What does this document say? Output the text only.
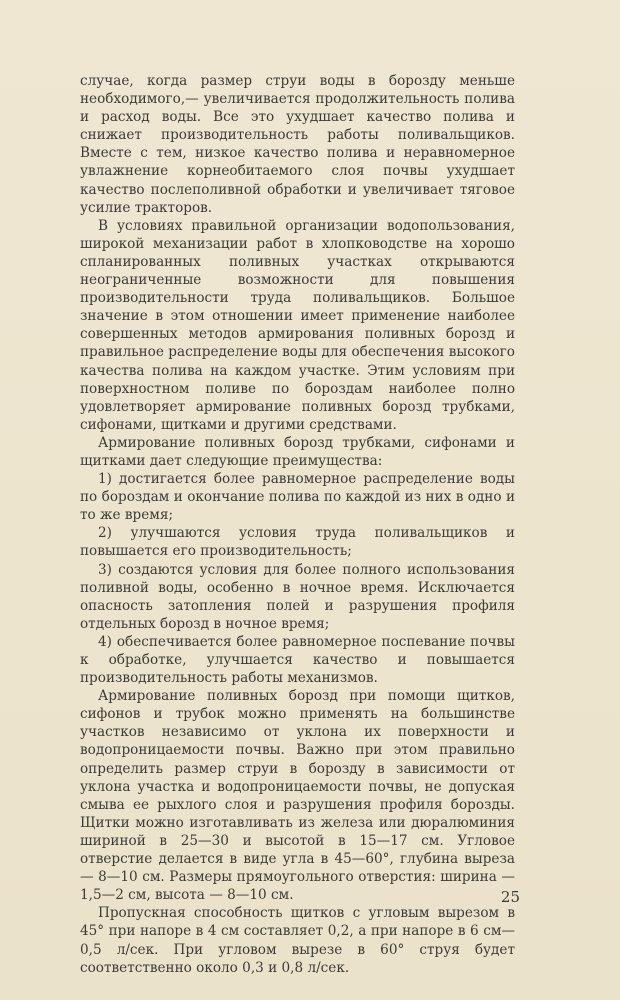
случае, когда размер струи воды в борозду меньше необходимого,— увеличивается продолжительность полива и расход воды. Все это ухудшает качество полива и снижает производительность работы поливальщиков. Вместе с тем, низкое качество полива и неравномерное увлажнение корнеобитаемого слоя почвы ухудшает качество послеполивной обработки и увеличивает тяговое усилие тракторов.

В условиях правильной организации водопользования, широкой механизации работ в хлопководстве на хорошо спланированных поливных участках открываются неограниченные возможности для повышения производительности труда поливальщиков. Большое значение в этом отношении имеет применение наиболее совершенных методов армирования поливных борозд и правильное распределение воды для обеспечения высокого качества полива на каждом участке. Этим условиям при поверхностном поливе по бороздам наиболее полно удовлетворяет армирование поливных борозд трубками, сифонами, щитками и другими средствами.

Армирование поливных борозд трубками, сифонами и щитками дает следующие преимущества:

1) достигается более равномерное распределение воды по бороздам и окончание полива по каждой из них в одно и то же время;

2) улучшаются условия труда поливальщиков и повышается его производительность;

3) создаются условия для более полного использования поливной воды, особенно в ночное время. Исключается опасность затопления полей и разрушения профиля отдельных борозд в ночное время;

4) обеспечивается более равномерное поспевание почвы к обработке, улучшается качество и повышается производительность работы механизмов.

Армирование поливных борозд при помощи щитков, сифонов и трубок можно применять на большинстве участков независимо от уклона их поверхности и водопроницаемости почвы. Важно при этом правильно определить размер струи в борозду в зависимости от уклона участка и водопроницаемости почвы, не допуская смыва ее рыхлого слоя и разрушения профиля борозды. Щитки можно изготавливать из железа или дюралюминия шириной в 25—30 и высотой в 15—17 см. Угловое отверстие делается в виде угла в 45—60°, глубина выреза — 8—10 см. Размеры прямоугольного отверстия: ширина — 1,5—2 см, высота — 8—10 см.

Пропускная способность щитков с угловым вырезом в 45° при напоре в 4 см составляет 0,2, а при напоре в 6 см—0,5 л/сек. При угловом вырезе в 60° струя будет соответственно около 0,3 и 0,8 л/сек.

25
